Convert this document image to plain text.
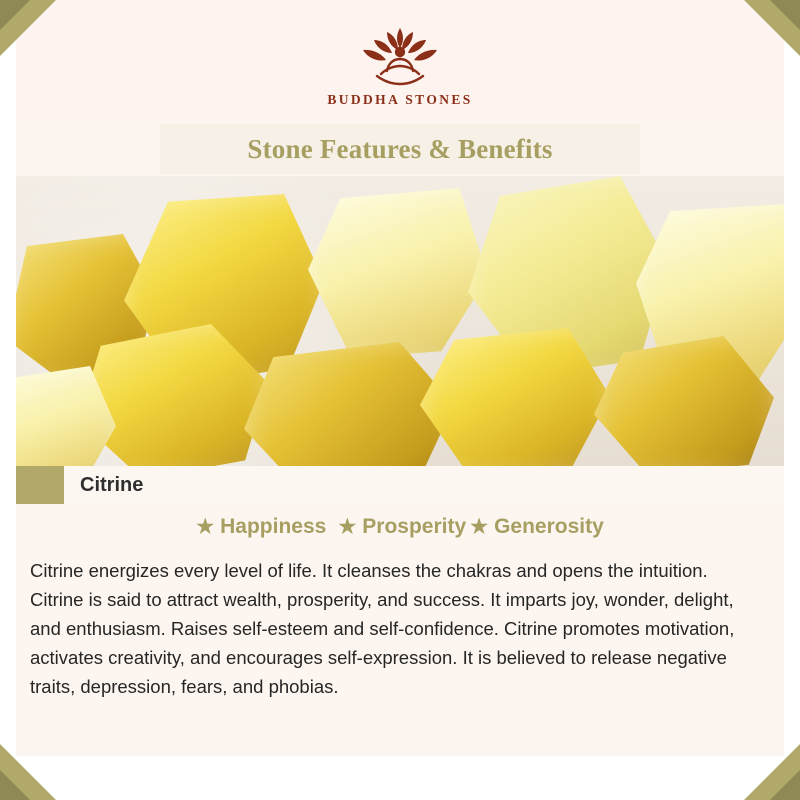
BUDDHA STONES
Stone Features & Benefits
Citrine
★ Happiness ★ Prosperity ★ Generosity
Citrine energizes every level of life. It cleanses the chakras and opens the intuition. Citrine is said to attract wealth, prosperity, and success. It imparts joy, wonder, delight, and enthusiasm. Raises self-esteem and self-confidence. Citrine promotes motivation, activates creativity, and encourages self-expression. It is believed to release negative traits, depression, fears, and phobias.
